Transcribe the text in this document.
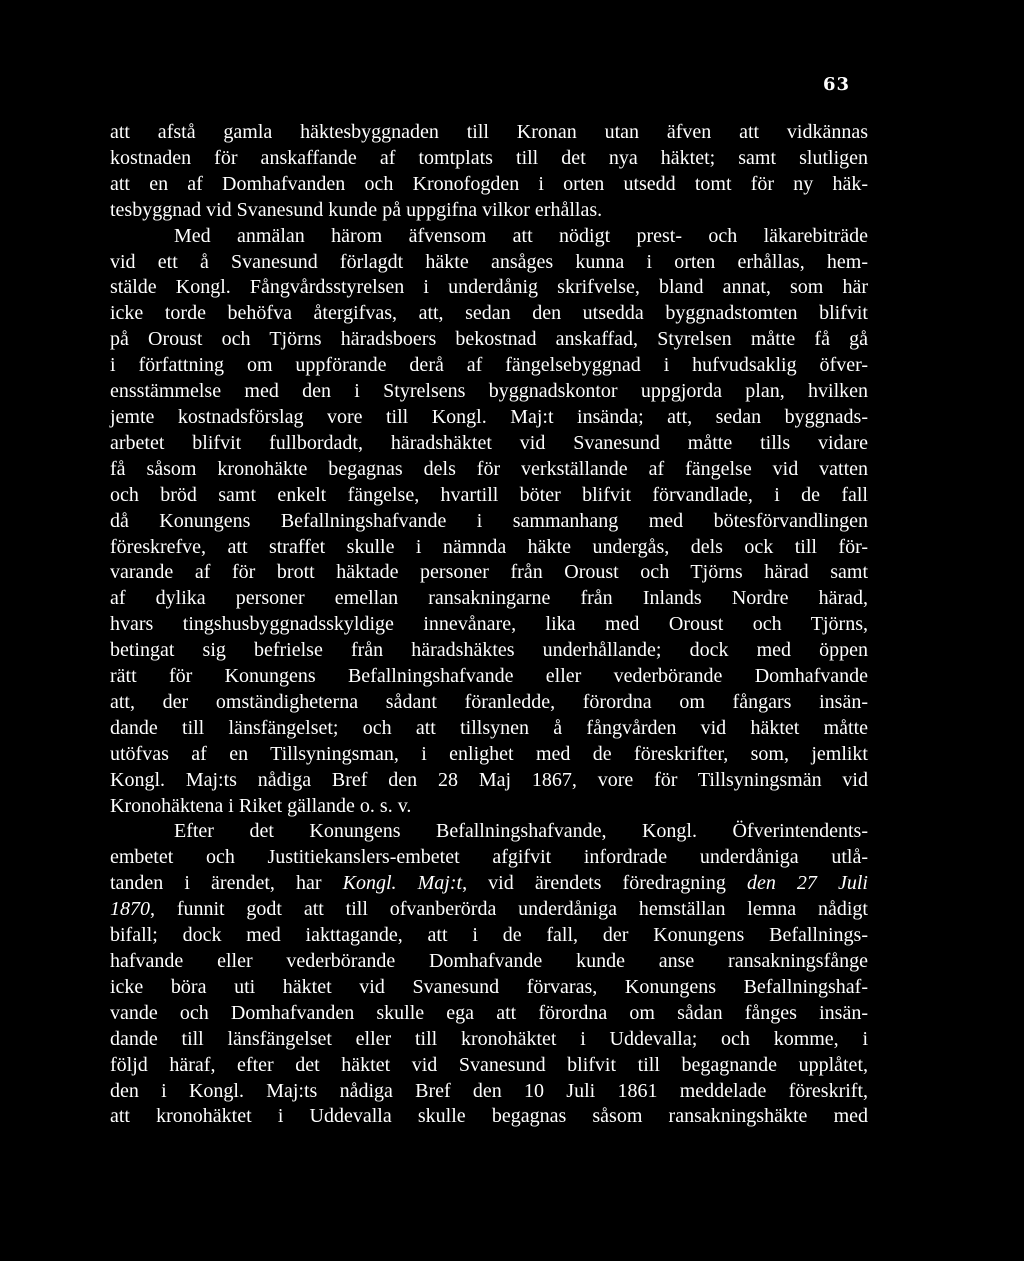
63
att afstå gamla häktesbyggnaden till Kronan utan äfven att vidkännas
kostnaden för anskaffande af tomtplats till det nya häktet; samt slutligen
att en af Domhafvanden och Kronofogden i orten utsedd tomt för ny häk-
tesbyggnad vid Svanesund kunde på uppgifna vilkor erhållas.
Med anmälan härom äfvensom att nödigt prest- och läkarebiträde
vid ett å Svanesund förlagdt häkte ansåges kunna i orten erhållas, hem-
stälde Kongl. Fångvårdsstyrelsen i underdånig skrifvelse, bland annat, som här
icke torde behöfva återgifvas, att, sedan den utsedda byggnadstomten blifvit
på Oroust och Tjörns häradsboers bekostnad anskaffad, Styrelsen måtte få gå
i författning om uppförande derå af fängelsebyggnad i hufvudsaklig öfver-
ensstämmelse med den i Styrelsens byggnadskontor uppgjorda plan, hvilken
jemte kostnadsförslag vore till Kongl. Maj:t insända; att, sedan byggnads-
arbetet blifvit fullbordadt, häradshäktet vid Svanesund måtte tills vidare
få såsom kronohäkte begagnas dels för verkställande af fängelse vid vatten
och bröd samt enkelt fängelse, hvartill böter blifvit förvandlade, i de fall
då Konungens Befallningshafvande i sammanhang med bötesförvandlingen
föreskrefve, att straffet skulle i nämnda häkte undergås, dels ock till för-
varande af för brott häktade personer från Oroust och Tjörns härad samt
af dylika personer emellan ransakningarne från Inlands Nordre härad,
hvars tingshusbyggnadsskyldige innevånare, lika med Oroust och Tjörns,
betingat sig befrielse från häradshäktes underhållande; dock med öppen
rätt för Konungens Befallningshafvande eller vederbörande Domhafvande
att, der omständigheterna sådant föranledde, förordna om fångars insän-
dande till länsfängelset; och att tillsynen å fångvården vid häktet måtte
utöfvas af en Tillsyningsman, i enlighet med de föreskrifter, som, jemlikt
Kongl. Maj:ts nådiga Bref den 28 Maj 1867, vore för Tillsyningsmän vid
Kronohäktena i Riket gällande o. s. v.
Efter det Konungens Befallningshafvande, Kongl. Öfverintendents-
embetet och Justitiekanslers-embetet afgifvit infordrade underdåniga utlå-
tanden i ärendet, har Kongl. Maj:t, vid ärendets föredragning den 27 Juli
1870, funnit godt att till ofvanberörda underdåniga hemställan lemna nådigt
bifall; dock med iakttagande, att i de fall, der Konungens Befallnings-
hafvande eller vederbörande Domhafvande kunde anse ransakningsfånge
icke böra uti häktet vid Svanesund förvaras, Konungens Befallningshaf-
vande och Domhafvanden skulle ega att förordna om sådan fånges insän-
dande till länsfängelset eller till kronohäktet i Uddevalla; och komme, i
följd häraf, efter det häktet vid Svanesund blifvit till begagnande upplåtet,
den i Kongl. Maj:ts nådiga Bref den 10 Juli 1861 meddelade föreskrift,
att kronohäktet i Uddevalla skulle begagnas såsom ransakningshäkte med
